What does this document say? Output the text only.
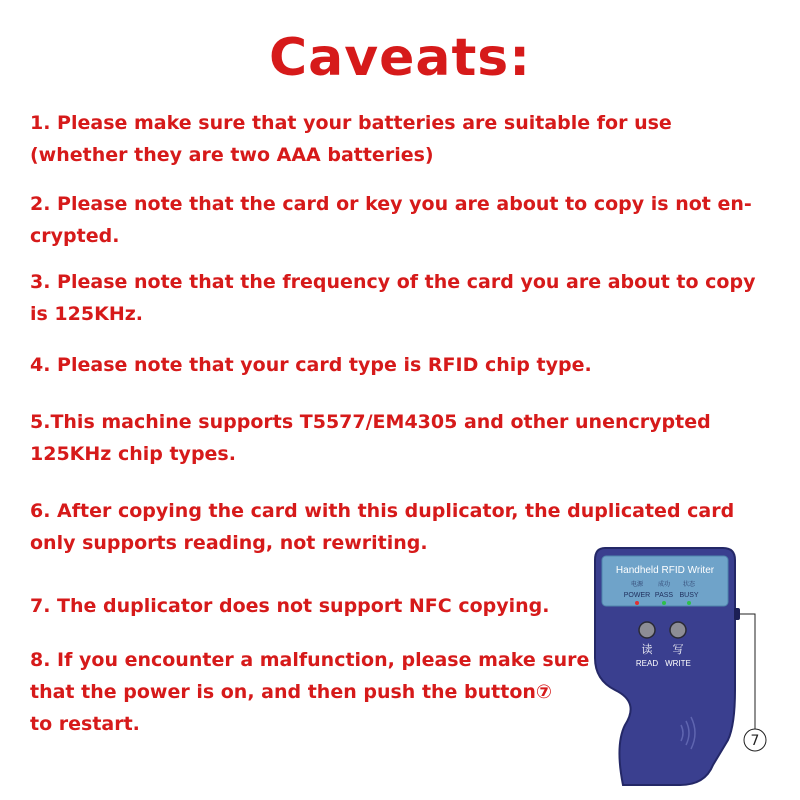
Caveats:

1. Please make sure that your batteries are suitable for use
(whether they are two AAA batteries)

2. Please note that the card or key you are about to copy is not en-
crypted.

3. Please note that the frequency of the card you are about to copy
is 125KHz.

4. Please note that your card type is RFID chip type.

5.This machine supports T5577/EM4305 and other unencrypted
125KHz chip types.

6. After copying the card with this duplicator, the duplicated card
only supports reading, not rewriting.

7. The duplicator does not support NFC copying.

8. If you encounter a malfunction, please make sure
that the power is on, and then push the button⑦
to restart.

Handheld RFID Writer
电源 成功 状态
POWER PASS BUSY
读 写
READ WRITE
7
